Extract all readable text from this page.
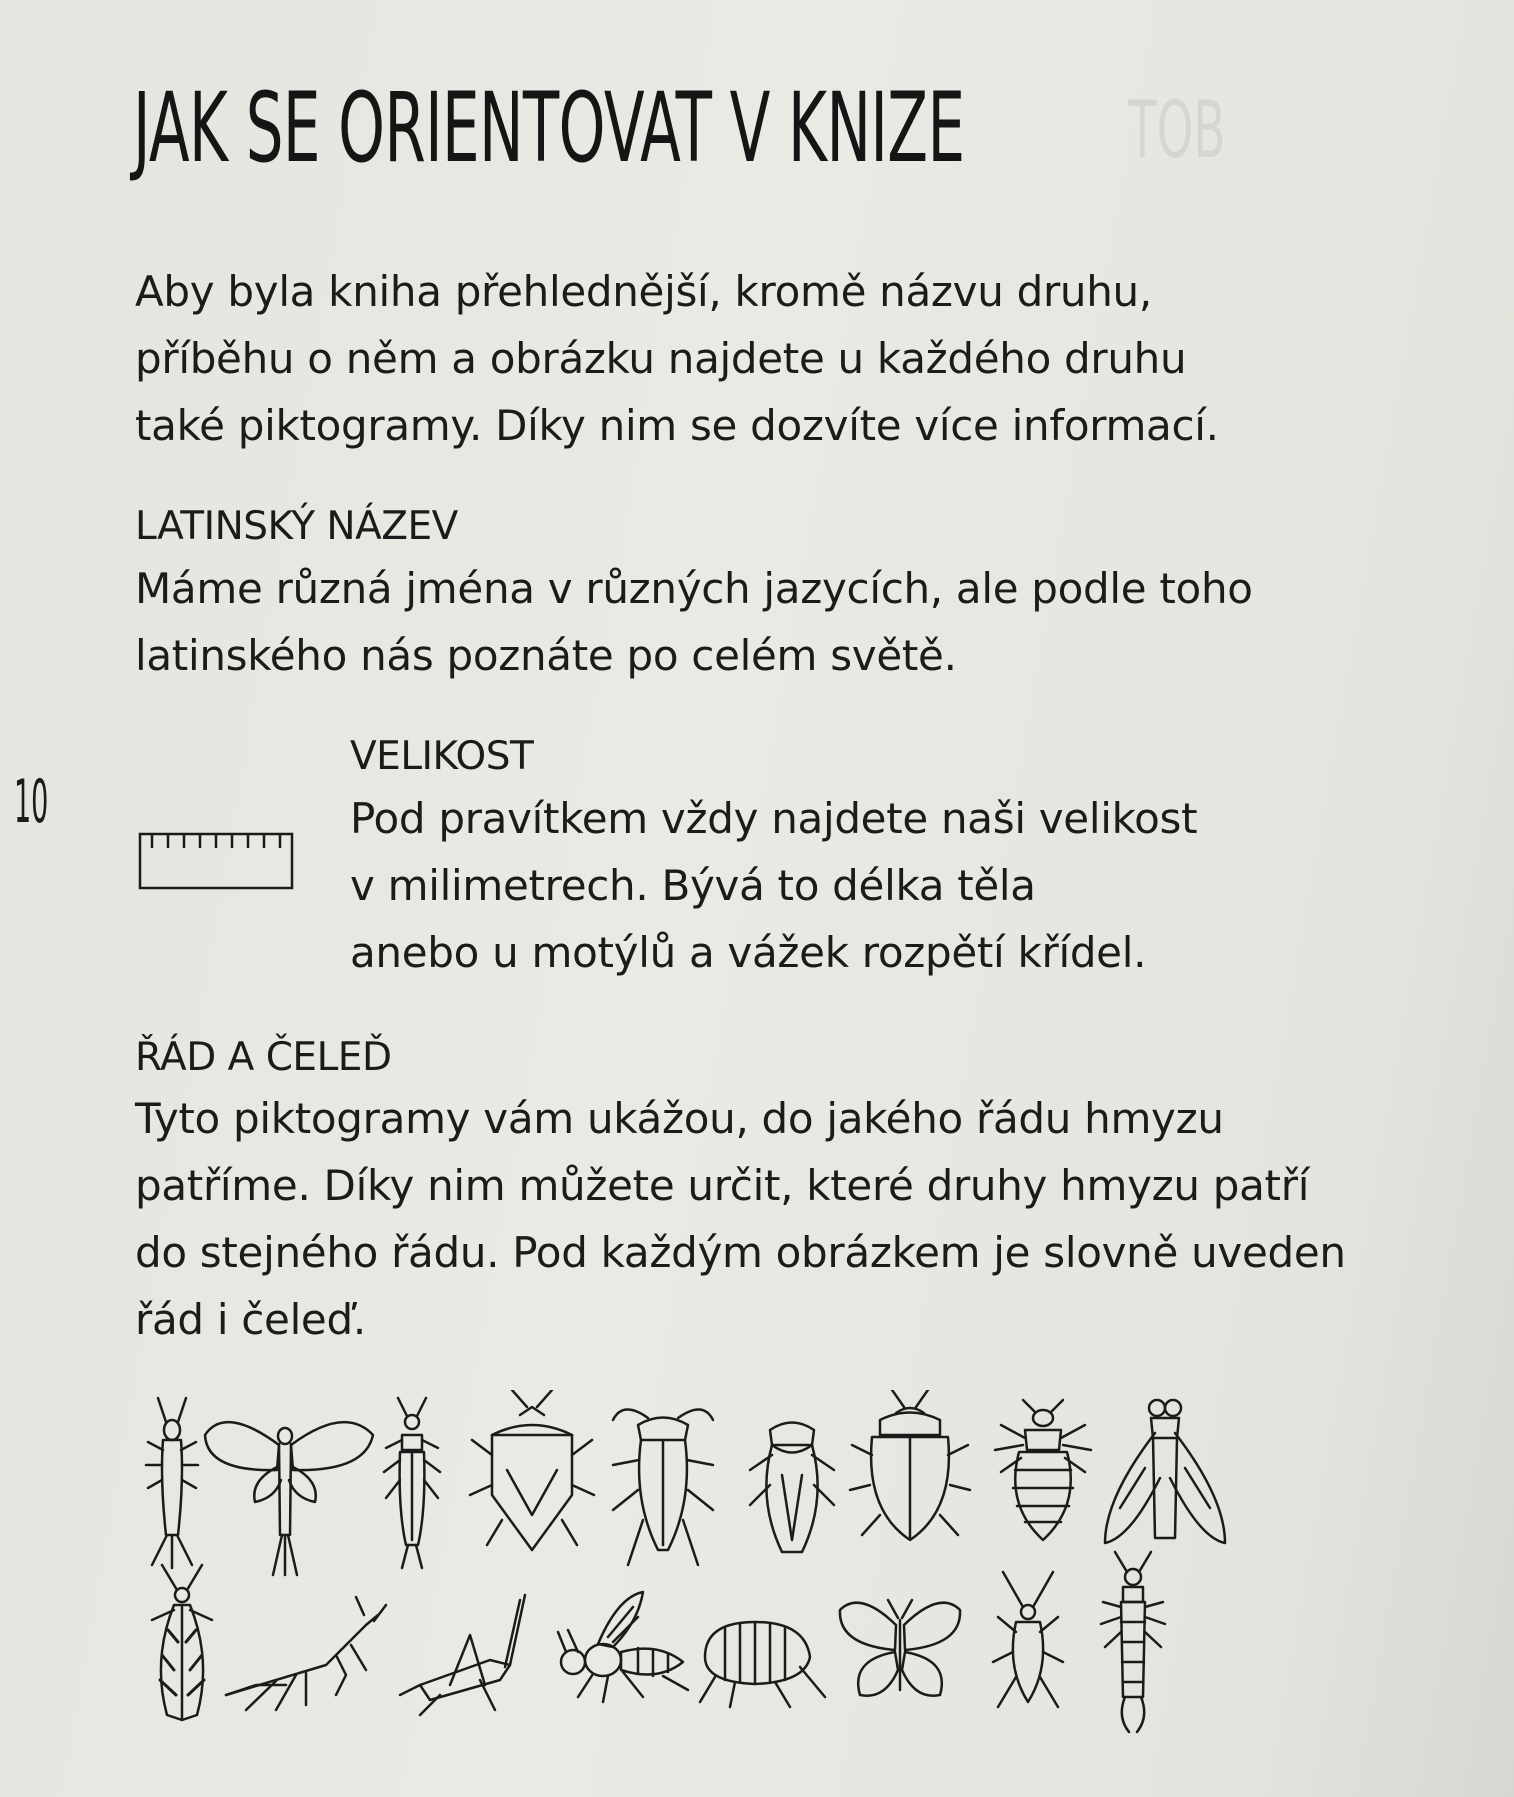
ТОВ
JAK SE ORIENTOVAT V KNIZE
Aby byla kniha přehlednější, kromě názvu druhu,
příběhu o něm a obrázku najdete u každého druhu
také piktogramy. Díky nim se dozvíte více informací.
LATINSKÝ NÁZEV
Máme různá jména v různých jazycích, ale podle toho
latinského nás poznáte po celém světě.
10
VELIKOST
Pod pravítkem vždy najdete naši velikost
v milimetrech. Bývá to délka těla
anebo u motýlů a vážek rozpětí křídel.
ŘÁD A ČELEĎ
Tyto piktogramy vám ukážou, do jakého řádu hmyzu
patříme. Díky nim můžete určit, které druhy hmyzu patří
do stejného řádu. Pod každým obrázkem je slovně uveden
řád i čeleď.
